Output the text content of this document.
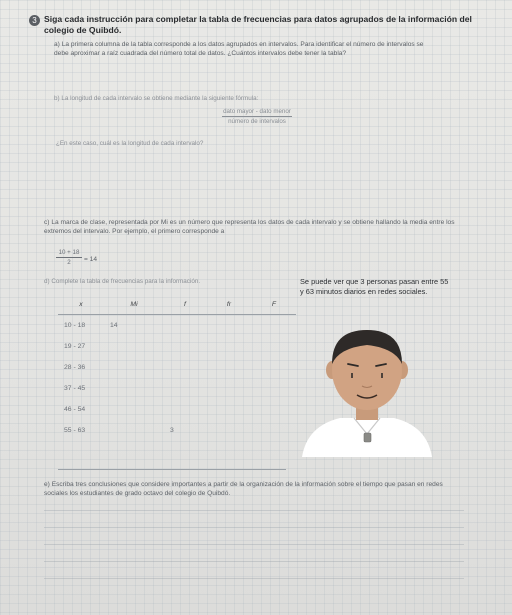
3 Siga cada instrucción para completar la tabla de frecuencias para datos agrupados de la información del colegio de Quibdó.
a) La primera columna de la tabla corresponde a los datos agrupados en intervalos. Para identificar el número de intervalos se debe aproximar a raíz cuadrada del número total de datos. ¿Cuántos intervalos debe tener la tabla?
b) La longitud de cada intervalo se obtiene mediante la siguiente fórmula:
dato mayor - dato menor
número de intervalos
¿En este caso, cuál es la longitud de cada intervalo?
c) La marca de clase, representada por Mi es un número que representa los datos de cada intervalo y se obtiene hallando la media entre los extremos del intervalo. Por ejemplo, el primero corresponde a
10 + 18
2	= 14
d) Complete la tabla de frecuencias para la información.
x	Mi	f	fr	F
10 - 18	14			
19 - 27				
28 - 36				
37 - 45				
46 - 54				
55 - 63		3		
Se puede ver que 3 personas pasan entre 55 y 63 minutos diarios en redes sociales.
e) Escriba tres conclusiones que considere importantes a partir de la organización de la información sobre el tiempo que pasan en redes sociales los estudiantes de grado octavo del colegio de Quibdó.
